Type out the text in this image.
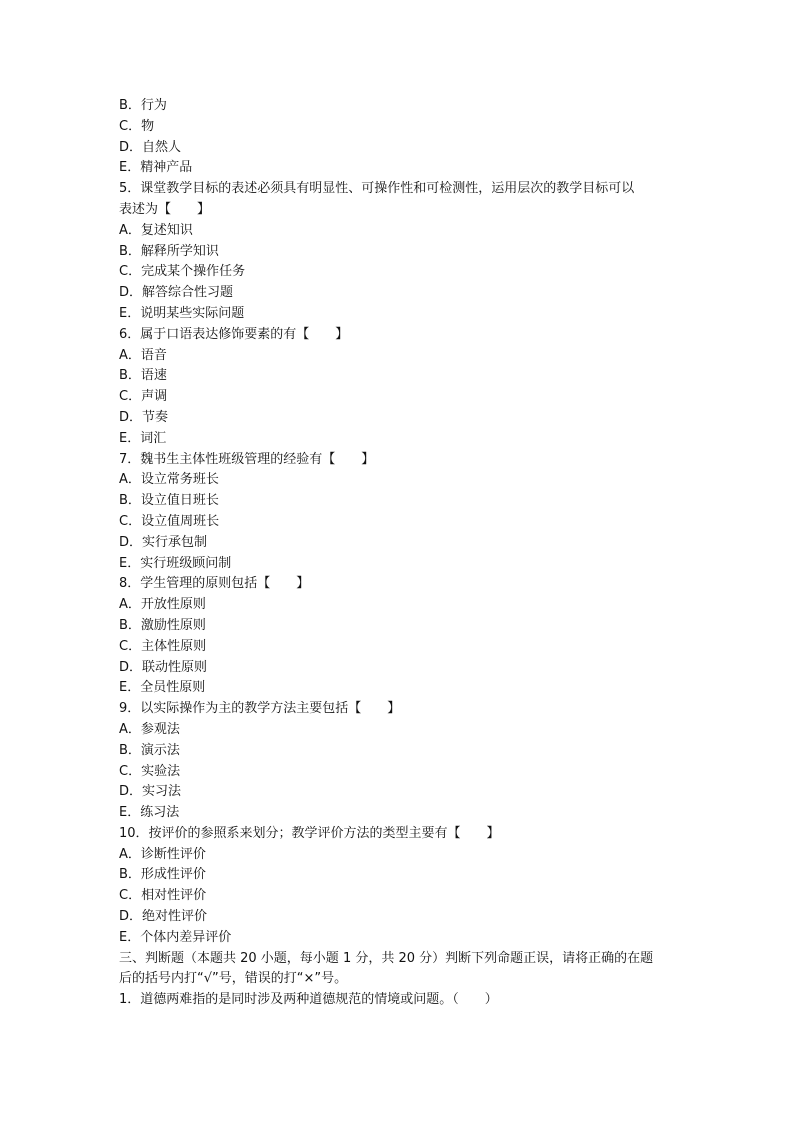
B．行为
C．物
D．自然人
E．精神产品
5．课堂教学目标的表述必须具有明显性、可操作性和可检测性，运用层次的教学目标可以
表述为【　　】
A．复述知识
B．解释所学知识
C．完成某个操作任务
D．解答综合性习题
E．说明某些实际问题
6．属于口语表达修饰要素的有【　　】
A．语音
B．语速
C．声调
D．节奏
E．词汇
7．魏书生主体性班级管理的经验有【　　】
A．设立常务班长
B．设立值日班长
C．设立值周班长
D．实行承包制
E．实行班级顾问制
8．学生管理的原则包括【　　】
A．开放性原则
B．激励性原则
C．主体性原则
D．联动性原则
E．全员性原则
9．以实际操作为主的教学方法主要包括【　　】
A．参观法
B．演示法
C．实验法
D．实习法
E．练习法
10．按评价的参照系来划分；教学评价方法的类型主要有【　　】
A．诊断性评价
B．形成性评价
C．相对性评价
D．绝对性评价
E．个体内差异评价
三、判断题（本题共 20 小题，每小题 1 分，共 20 分）判断下列命题正误，请将正确的在题
后的括号内打“√”号，错误的打“×”号。
1．道德两难指的是同时涉及两种道德规范的情境或问题。（　　）
